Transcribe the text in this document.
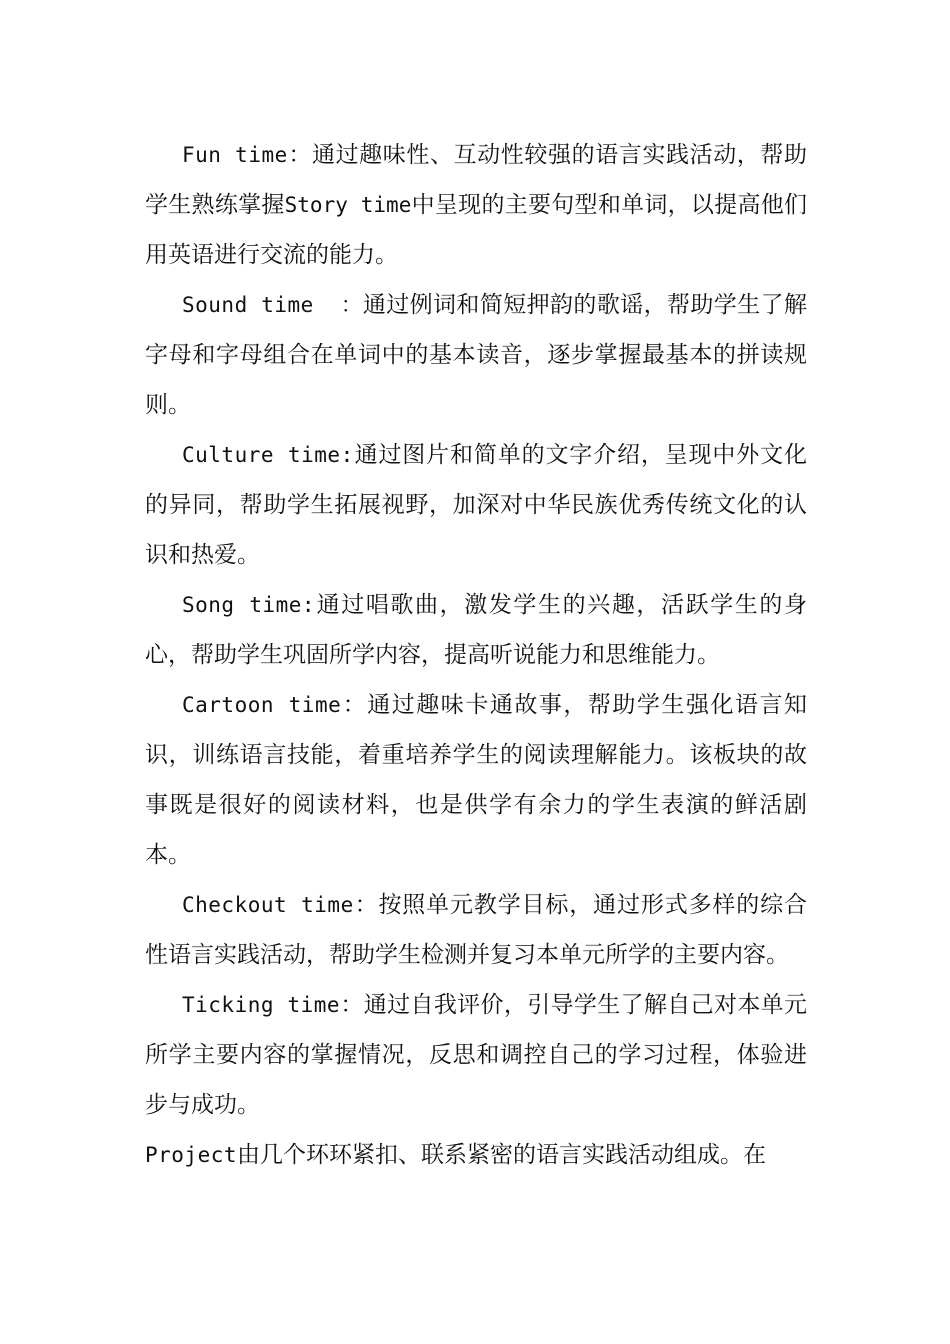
Fun time：通过趣味性、互动性较强的语言实践活动，帮助学生熟练掌握Story time中呈现的主要句型和单词，以提高他们用英语进行交流的能力。

Sound time  ：通过例词和简短押韵的歌谣，帮助学生了解字母和字母组合在单词中的基本读音，逐步掌握最基本的拼读规则。

Culture time:通过图片和简单的文字介绍，呈现中外文化的异同，帮助学生拓展视野，加深对中华民族优秀传统文化的认识和热爱。

Song time:通过唱歌曲，激发学生的兴趣，活跃学生的身心，帮助学生巩固所学内容，提高听说能力和思维能力。

Cartoon time：通过趣味卡通故事，帮助学生强化语言知识，训练语言技能，着重培养学生的阅读理解能力。该板块的故事既是很好的阅读材料，也是供学有余力的学生表演的鲜活剧本。

Checkout time：按照单元教学目标，通过形式多样的综合性语言实践活动，帮助学生检测并复习本单元所学的主要内容。

Ticking time：通过自我评价，引导学生了解自己对本单元所学主要内容的掌握情况，反思和调控自己的学习过程，体验进步与成功。

Project由几个环环紧扣、联系紧密的语言实践活动组成。在
